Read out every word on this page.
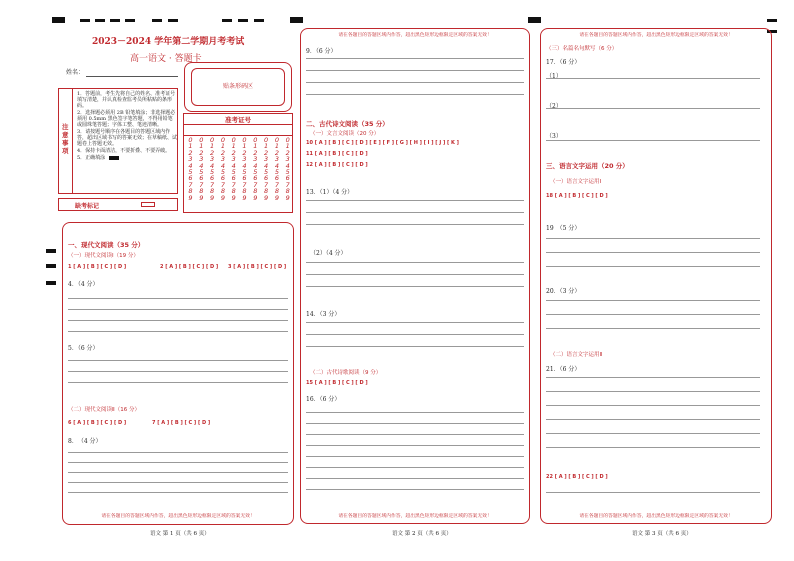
2023－2024 学年第二学期月考考试
高一语文 · 答题卡
姓名：
贴条形码区
注意事项
1．答题前，考生先将自己的姓名、准考证号填写清楚，并认真检查监考员所粘贴的条形码。
2．选择题必须用 2B 铅笔填涂；非选择题必须用 0.5mm 黑色签字笔答题，不得用铅笔或圆珠笔答题；字体工整、笔迹清晰。
3．请按题号顺序在各题目的答题区域内作答，超出区域书写的答案无效；在草稿纸、试题卷上答题无效。
4．保持卡面清洁，不要折叠、不要弄破。
5．正确填涂
准考证号
0
1
2
3
4
5
6
7
8
9
0
1
2
3
4
5
6
7
8
9
0
1
2
3
4
5
6
7
8
9
0
1
2
3
4
5
6
7
8
9
0
1
2
3
4
5
6
7
8
9
0
1
2
3
4
5
6
7
8
9
0
1
2
3
4
5
6
7
8
9
0
1
2
3
4
5
6
7
8
9
0
1
2
3
4
5
6
7
8
9
0
1
2
3
4
5
6
7
8
9
缺考标记
一、现代文阅读（35 分）
（一）现代文阅读Ⅰ（19 分）
1 [ A ] [ B ] [ C ] [ D ]	2 [ A ] [ B ] [ C ] [ D ] 3 [ A ] [ B ] [ C ] [ D ]
4．（4 分）
5．（6 分）
（二）现代文阅读Ⅱ（16 分）
6 [ A ] [ B ] [ C ] [ D ]	7 [ A ] [ B ] [ C ] [ D ]
8．　（4 分）
请在各题目的答题区域内作答，超出黑色矩形边框限定区域的答案无效！
语文 第 1 页（共 6 页）
请在各题目的答题区域内作答，超出黑色矩形边框限定区域的答案无效！
9．（6 分）
二、古代诗文阅读（35 分）
（一）文言文阅读（20 分）
10 [ A ] [ B ] [ C ] [ D ] [ E ] [ F ] [ G ] [ H ] [ I ] [ J ] [ K ]
11 [ A ] [ B ] [ C ] [ D ]
12 [ A ] [ B ] [ C ] [ D ]
13．（1）（4 分）
（2）（4 分）
14．（3 分）
（二）古代诗歌阅读（9 分）
15 [ A ] [ B ] [ C ] [ D ]
16．（6 分）
请在各题目的答题区域内作答，超出黑色矩形边框限定区域的答案无效！
语文 第 2 页（共 6 页）
请在各题目的答题区域内作答，超出黑色矩形边框限定区域的答案无效！
（三）名篇名句默写（6 分）
17．（6 分）
（1）
（2）
（3）
三、语言文字运用（20 分）
（一）语言文字运用Ⅰ
18 [ A ] [ B ] [ C ] [ D ]
19　（5 分）
20．（3 分）
（二）语言文字运用Ⅱ
21．（6 分）
22 [ A ] [ B ] [ C ] [ D ]
请在各题目的答题区域内作答，超出黑色矩形边框限定区域的答案无效！
语文 第 3 页（共 6 页）
